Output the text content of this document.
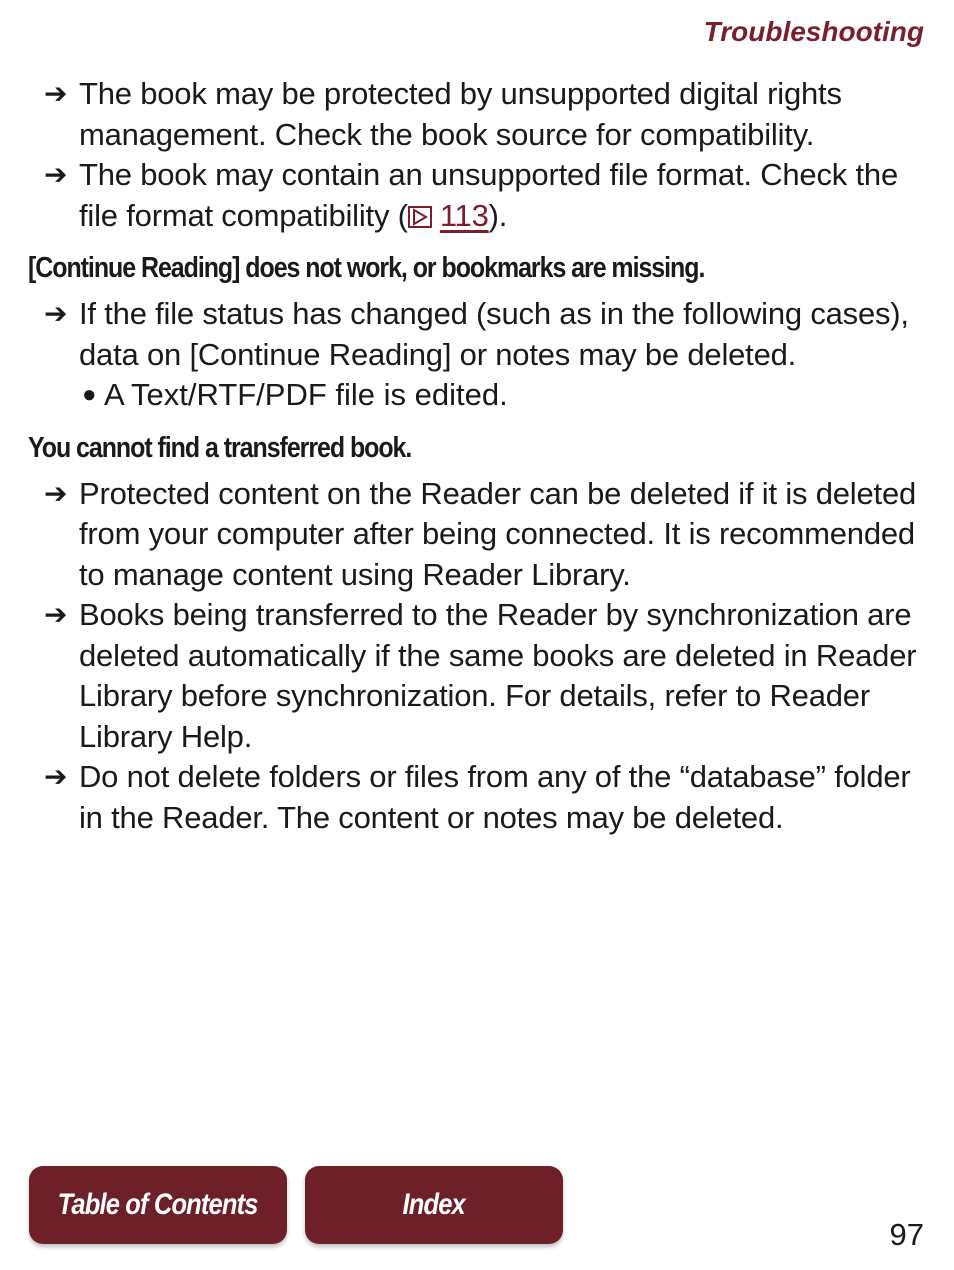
Troubleshooting
➔ The book may be protected by unsupported digital rights management. Check the book source for compatibility.
➔ The book may contain an unsupported file format. Check the file format compatibility ( 113).
[Continue Reading] does not work, or bookmarks are missing.
➔ If the file status has changed (such as in the following cases), data on [Continue Reading] or notes may be deleted.
● A Text/RTF/PDF file is edited.
You cannot find a transferred book.
➔ Protected content on the Reader can be deleted if it is deleted from your computer after being connected. It is recommended to manage content using Reader Library.
➔ Books being transferred to the Reader by synchronization are deleted automatically if the same books are deleted in Reader Library before synchronization. For details, refer to Reader Library Help.
➔ Do not delete folders or files from any of the “database” folder in the Reader. The content or notes may be deleted.
Table of Contents	Index
97
